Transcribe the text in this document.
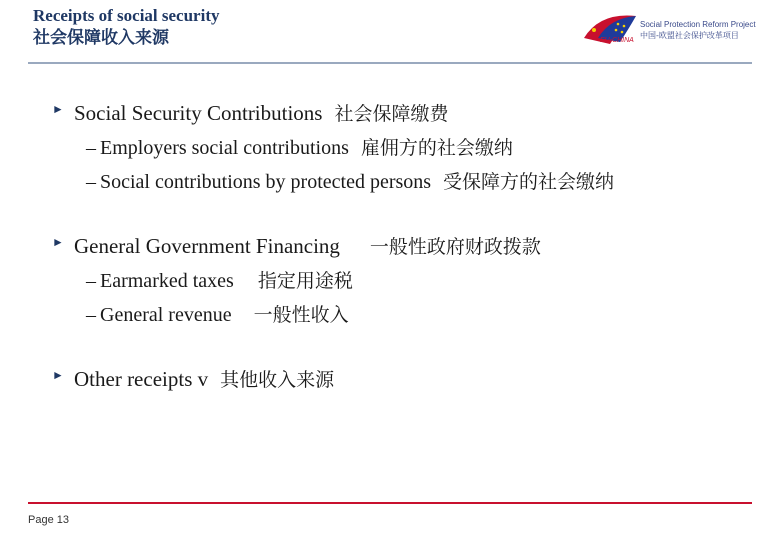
Receipts of social security
社会保障收入来源
Social Protection Reform Project
中国-欧盟社会保护改革项目
EU-CHINA
► Social Security Contributions 社会保障缴费
– Employers social contributions 雇佣方的社会缴纳
– Social contributions by protected persons 受保障方的社会缴纳
► General Government Financing 一般性政府财政拨款
– Earmarked taxes 指定用途税
– General revenue 一般性收入
► Other receipts v 其他收入来源
Page 13
